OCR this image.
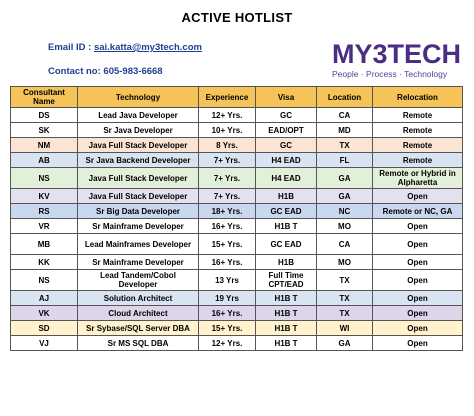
ACTIVE HOTLIST
Email ID : sai.katta@my3tech.com
Contact no: 605-983-6668
MY3TECH
People · Process · Technology
Consultant Name	Technology	Experience	Visa	Location	Relocation
DS	Lead Java Developer	12+ Yrs.	GC	CA	Remote
SK	Sr Java Developer	10+ Yrs.	EAD/OPT	MD	Remote
NM	Java Full Stack Developer	8 Yrs.	GC	TX	Remote
AB	Sr Java Backend Developer	7+ Yrs.	H4 EAD	FL	Remote
NS	Java Full Stack Developer	7+ Yrs.	H4 EAD	GA	Remote or Hybrid in Alpharetta
KV	Java Full Stack Developer	7+ Yrs.	H1B	GA	Open
RS	Sr Big Data Developer	18+ Yrs.	GC EAD	NC	Remote or NC, GA
VR	Sr Mainframe Developer	16+ Yrs.	H1B T	MO	Open
MB	Lead Mainframes Developer	15+ Yrs.	GC EAD	CA	Open
KK	Sr Mainframe Developer	16+ Yrs.	H1B	MO	Open
NS	Lead Tandem/Cobol Developer	13 Yrs	Full Time CPT/EAD	TX	Open
AJ	Solution Architect	19 Yrs	H1B T	TX	Open
VK	Cloud Architect	16+ Yrs.	H1B T	TX	Open
SD	Sr Sybase/SQL Server DBA	15+ Yrs.	H1B T	WI	Open
VJ	Sr MS SQL DBA	12+ Yrs.	H1B T	GA	Open
